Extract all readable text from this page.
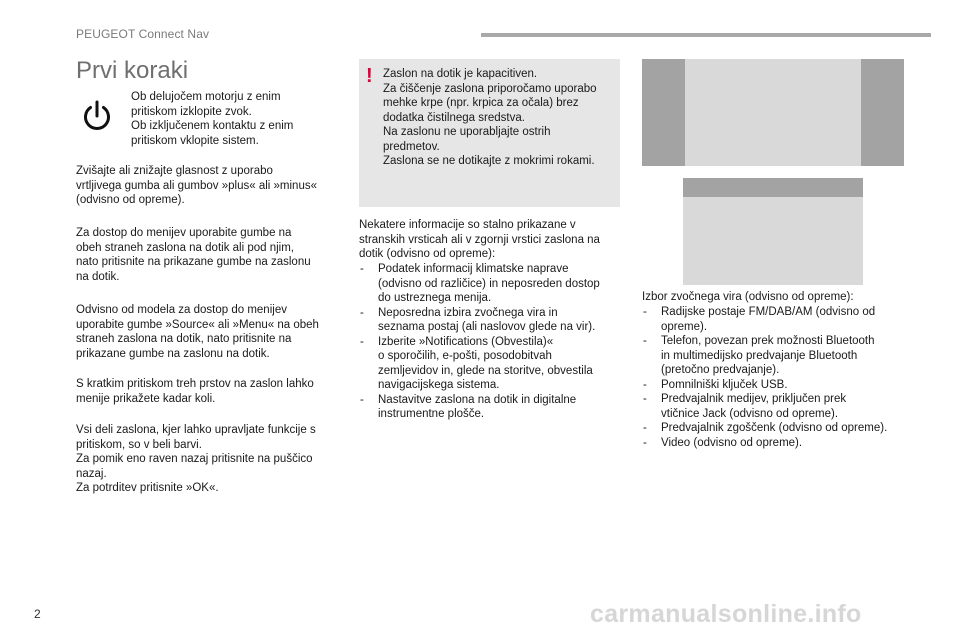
PEUGEOT Connect Nav
Prvi koraki
Ob delujočem motorju z enim
pritiskom izklopite zvok.
Ob izključenem kontaktu z enim
pritiskom vklopite sistem.
Zvišajte ali znižajte glasnost z uporabo
vrtljivega gumba ali gumbov »plus« ali »minus«
(odvisno od opreme).
Za dostop do menijev uporabite gumbe na
obeh straneh zaslona na dotik ali pod njim,
nato pritisnite na prikazane gumbe na zaslonu
na dotik.
Odvisno od modela za dostop do menijev
uporabite gumbe »Source« ali »Menu« na obeh
straneh zaslona na dotik, nato pritisnite na
prikazane gumbe na zaslonu na dotik.
S kratkim pritiskom treh prstov na zaslon lahko
menije prikažete kadar koli.
Vsi deli zaslona, kjer lahko upravljate funkcije s
pritiskom, so v beli barvi.
Za pomik eno raven nazaj pritisnite na puščico
nazaj.
Za potrditev pritisnite »OK«.
! Zaslon na dotik je kapacitiven.
Za čiščenje zaslona priporočamo uporabo
mehke krpe (npr. krpica za očala) brez
dodatka čistilnega sredstva.
Na zaslonu ne uporabljajte ostrih
predmetov.
Zaslona se ne dotikajte z mokrimi rokami.
Nekatere informacije so stalno prikazane v
stranskih vrsticah ali v zgornji vrstici zaslona na
dotik (odvisno od opreme):
- Podatek informacij klimatske naprave
(odvisno od različice) in neposreden dostop
do ustreznega menija.
- Neposredna izbira zvočnega vira in
seznama postaj (ali naslovov glede na vir).
- Izberite »Notifications (Obvestila)«
o sporočilih, e-pošti, posodobitvah
zemljevidov in, glede na storitve, obvestila
navigacijskega sistema.
- Nastavitve zaslona na dotik in digitalne
instrumentne plošče.
Izbor zvočnega vira (odvisno od opreme):
- Radijske postaje FM/DAB/AM (odvisno od
opreme).
- Telefon, povezan prek možnosti Bluetooth
in multimedijsko predvajanje Bluetooth
(pretočno predvajanje).
- Pomnilniški ključek USB.
- Predvajalnik medijev, priključen prek
vtičnice Jack (odvisno od opreme).
- Predvajalnik zgoščenk (odvisno od opreme).
- Video (odvisno od opreme).
2	carmanualsonline.info
